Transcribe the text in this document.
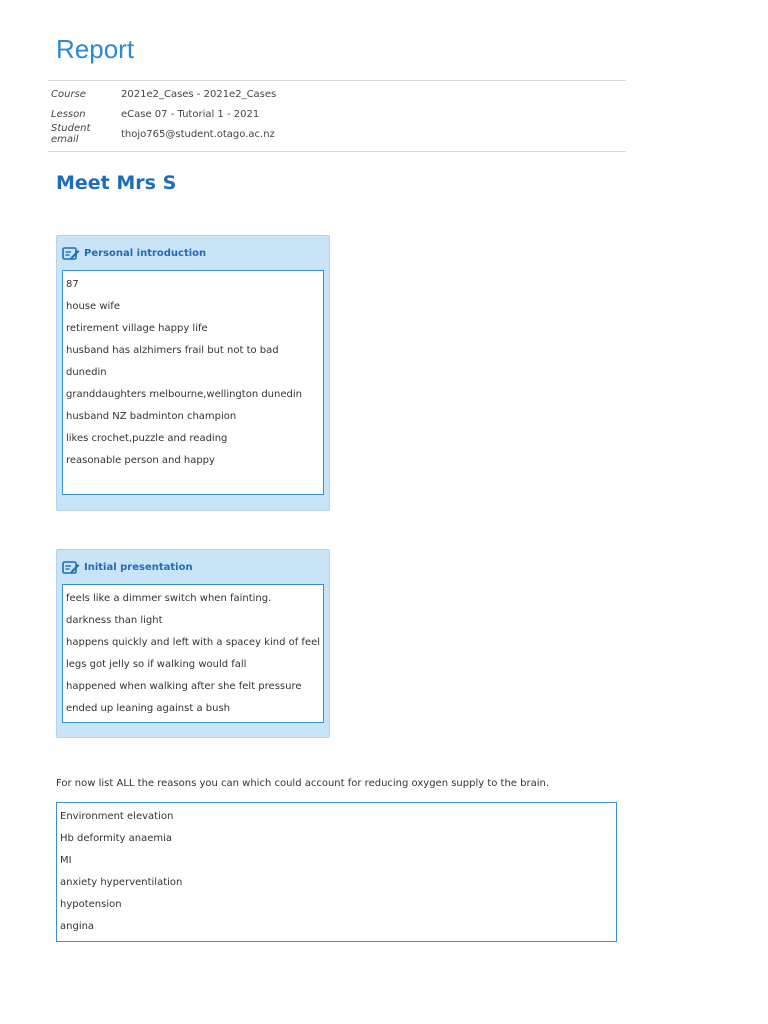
Report
Course	2021e2_Cases - 2021e2_Cases
Lesson	eCase 07 - Tutorial 1 - 2021
Student email	thojo765@student.otago.ac.nz
Meet Mrs S
Personal introduction
87
house wife
retirement village happy life
husband has alzhimers frail but not to bad
dunedin
granddaughters melbourne,wellington dunedin
husband NZ badminton champion
likes crochet,puzzle and reading
reasonable person and happy
Initial presentation
feels like a dimmer switch when fainting.
darkness than light
happens quickly and left with a spacey kind of feel
legs got jelly so if walking would fall
happened when walking after she felt pressure
ended up leaning against a bush
For now list ALL the reasons you can which could account for reducing oxygen supply to the brain.
Environment elevation
Hb deformity anaemia
MI
anxiety hyperventilation
hypotension
angina
